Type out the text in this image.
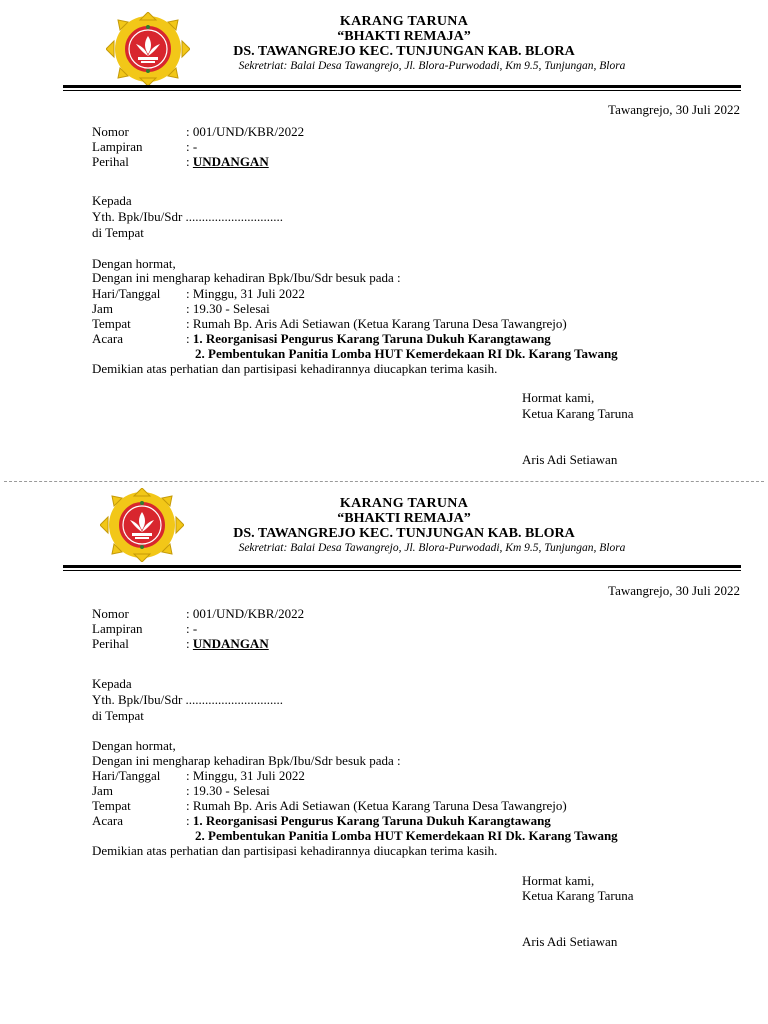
KARANG TARUNA
“BHAKTI REMAJA”
DS. TAWANGREJO KEC. TUNJUNGAN KAB. BLORA
Sekretriat: Balai Desa Tawangrejo, Jl. Blora-Purwodadi, Km 9.5, Tunjungan, Blora
Tawangrejo, 30 Juli 2022
Nomor	: 001/UND/KBR/2022
Lampiran	: -
Perihal	: UNDANGAN
Kepada
Yth. Bpk/Ibu/Sdr ..............................
di Tempat
Dengan hormat,
Dengan ini mengharap kehadiran Bpk/Ibu/Sdr besuk pada :
Hari/Tanggal : Minggu, 31 Juli 2022
Jam	: 19.30 - Selesai
Tempat	: Rumah Bp. Aris Adi Setiawan (Ketua Karang Taruna Desa Tawangrejo)
Acara	: 1. Reorganisasi Pengurus Karang Taruna Dukuh Karangtawang
2. Pembentukan Panitia Lomba HUT Kemerdekaan RI Dk. Karang Tawang
Demikian atas perhatian dan partisipasi kehadirannya diucapkan terima kasih.
Hormat kami,
Ketua Karang Taruna
Aris Adi Setiawan
KARANG TARUNA
“BHAKTI REMAJA”
DS. TAWANGREJO KEC. TUNJUNGAN KAB. BLORA
Sekretriat: Balai Desa Tawangrejo, Jl. Blora-Purwodadi, Km 9.5, Tunjungan, Blora
Tawangrejo, 30 Juli 2022
Nomor	: 001/UND/KBR/2022
Lampiran	: -
Perihal	: UNDANGAN
Kepada
Yth. Bpk/Ibu/Sdr ..............................
di Tempat
Dengan hormat,
Dengan ini mengharap kehadiran Bpk/Ibu/Sdr besuk pada :
Hari/Tanggal : Minggu, 31 Juli 2022
Jam	: 19.30 - Selesai
Tempat	: Rumah Bp. Aris Adi Setiawan (Ketua Karang Taruna Desa Tawangrejo)
Acara	: 1. Reorganisasi Pengurus Karang Taruna Dukuh Karangtawang
2. Pembentukan Panitia Lomba HUT Kemerdekaan RI Dk. Karang Tawang
Demikian atas perhatian dan partisipasi kehadirannya diucapkan terima kasih.
Hormat kami,
Ketua Karang Taruna
Aris Adi Setiawan
